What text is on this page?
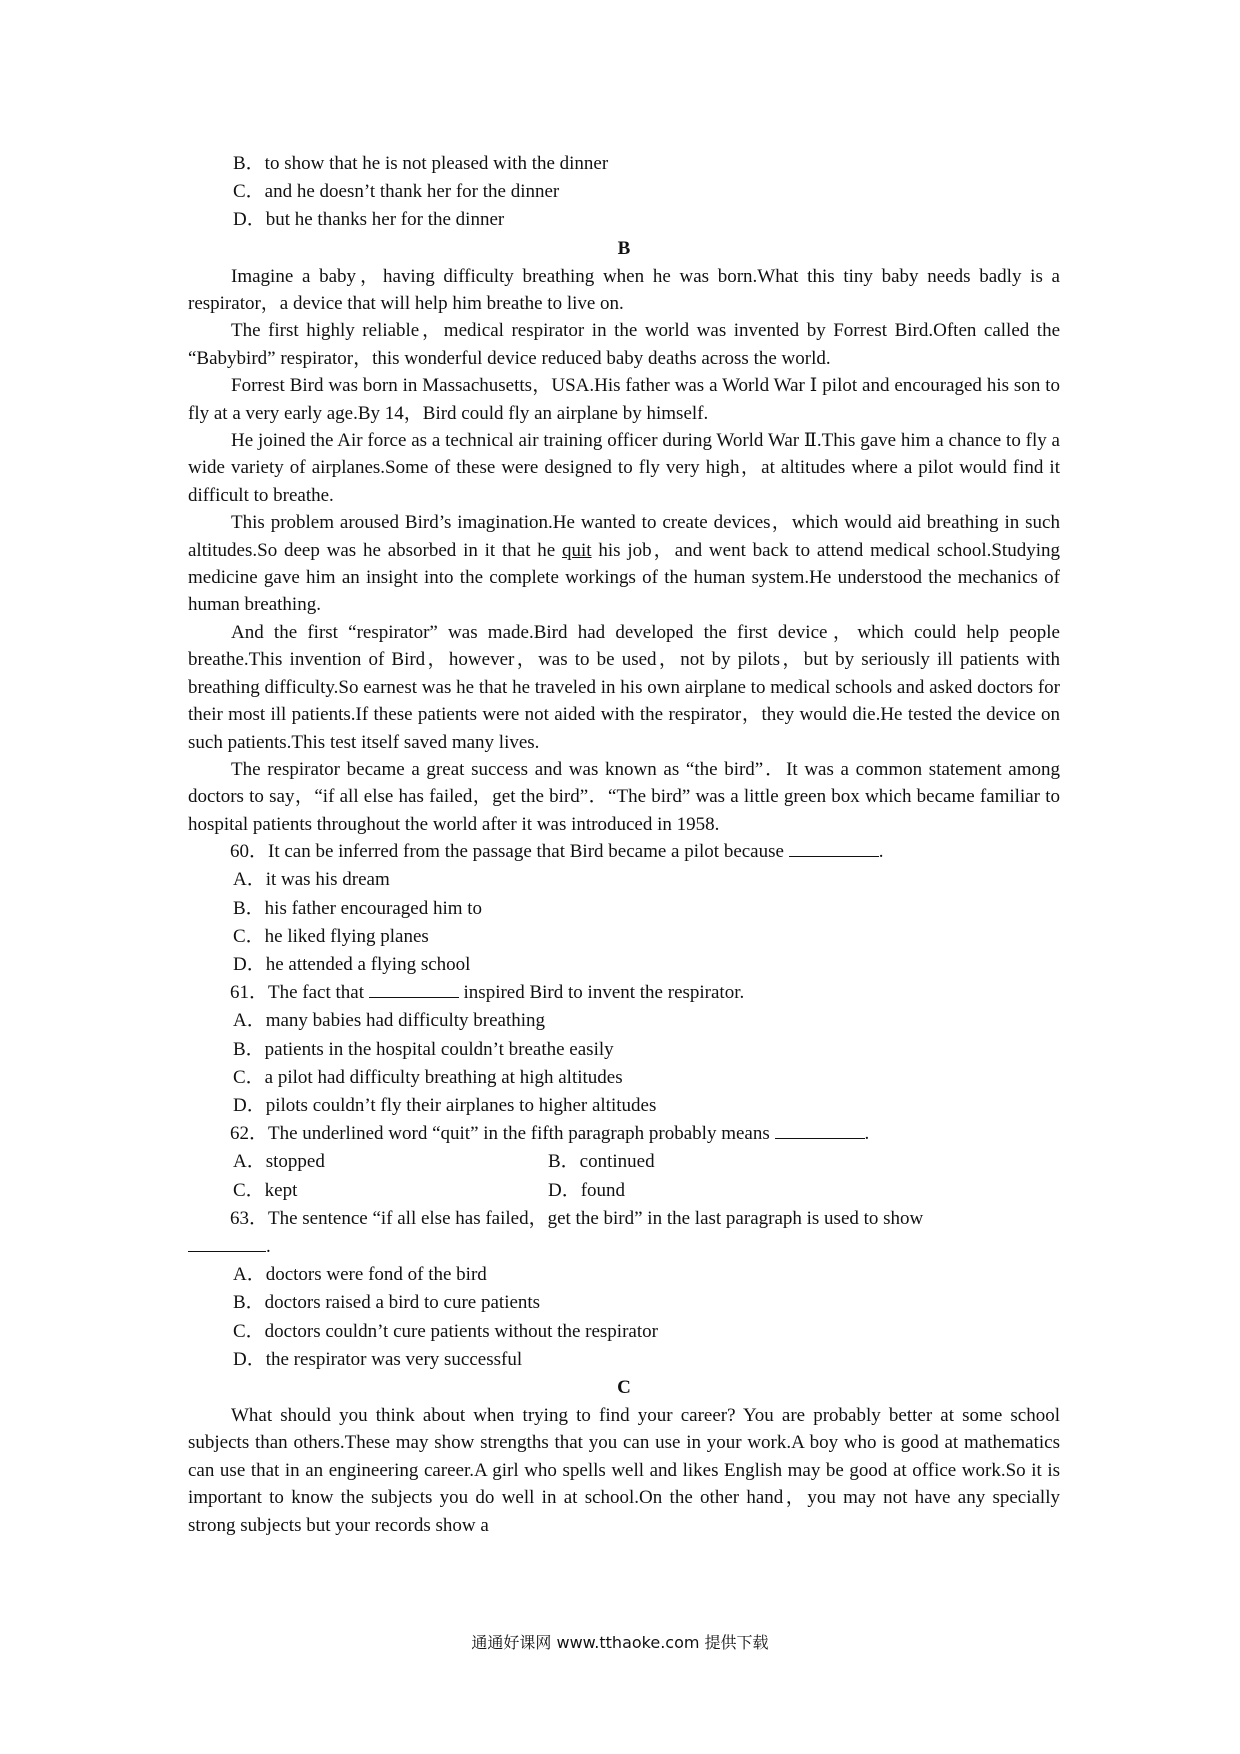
B．to show that he is not pleased with the dinner
C．and he doesn’t thank her for the dinner
D．but he thanks her for the dinner
B

Imagine a baby，having difficulty breathing when he was born.What this tiny baby needs badly is a respirator，a device that will help him breathe to live on.

The first highly reliable，medical respirator in the world was invented by Forrest Bird.Often called the “Babybird” respirator，this wonderful device reduced baby deaths across the world.

Forrest Bird was born in Massachusetts，USA.His father was a World War Ⅰ pilot and encouraged his son to fly at a very early age.By 14，Bird could fly an airplane by himself.

He joined the Air force as a technical air training officer during World War Ⅱ.This gave him a chance to fly a wide variety of airplanes.Some of these were designed to fly very high，at altitudes where a pilot would find it difficult to breathe.

This problem aroused Bird’s imagination.He wanted to create devices，which would aid breathing in such altitudes.So deep was he absorbed in it that he quit his job，and went back to attend medical school.Studying medicine gave him an insight into the complete workings of the human system.He understood the mechanics of human breathing.

And the first “respirator” was made.Bird had developed the first device，which could help people breathe.This invention of Bird，however，was to be used，not by pilots，but by seriously ill patients with breathing difficulty.So earnest was he that he traveled in his own airplane to medical schools and asked doctors for their most ill patients.If these patients were not aided with the respirator，they would die.He tested the device on such patients.This test itself saved many lives.

The respirator became a great success and was known as “the bird”．It was a common statement among doctors to say，“if all else has failed，get the bird”．“The bird” was a little green box which became familiar to hospital patients throughout the world after it was introduced in 1958.

60．It can be inferred from the passage that Bird became a pilot because	.
A．it was his dream
B．his father encouraged him to
C．he liked flying planes
D．he attended a flying school
61．The fact that	inspired Bird to invent the respirator.
A．many babies had difficulty breathing
B．patients in the hospital couldn’t breathe easily
C．a pilot had difficulty breathing at high altitudes
D．pilots couldn’t fly their airplanes to higher altitudes
62．The underlined word “quit” in the fifth paragraph probably means	.
A．stopped	B．continued
C．kept	D．found
63．The sentence “if all else has failed，get the bird” in the last paragraph is used to show
.
A．doctors were fond of the bird
B．doctors raised a bird to cure patients
C．doctors couldn’t cure patients without the respirator
D．the respirator was very successful
C

What should you think about when trying to find your career? You are probably better at some school subjects than others.These may show strengths that you can use in your work.A boy who is good at mathematics can use that in an engineering career.A girl who spells well and likes English may be good at office work.So it is important to know the subjects you do well in at school.On the other hand，you may not have any specially strong subjects but your records show a

通通好课网 www.tthaoke.com 提供下载
